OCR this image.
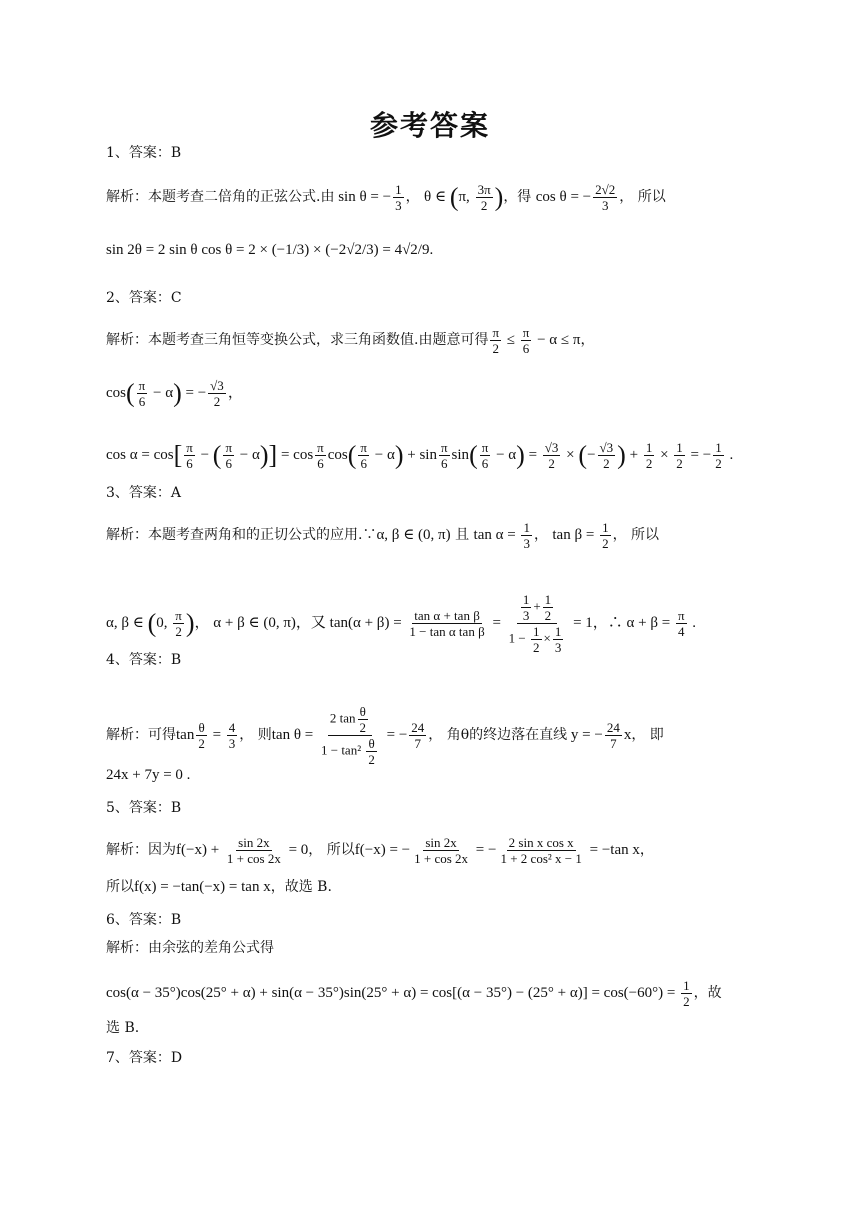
参考答案
1、答案：B
解析：本题考查二倍角的正弦公式.由 sin θ = − $\frac{1}{3}$ ， θ ∈ (π, $\frac{3\pi}{2}$ )，得 cos θ = − $\frac{2√2}{3}$ ， 所以
sin 2θ = 2 sin θ cos θ = 2 × (−1/3) × (−2√2/3) = 4√2/9.
2、答案：C
解析：本题考查三角恒等变换公式，求三角函数值.由题意可得 $\frac{\pi}{2} \le \frac{\pi}{6} - \alpha \le \pi$，
$\cos( \frac{\pi}{6} - \alpha)$ = − $\frac{√3}{2}$ ，
$\cos \alpha = \cos[ \frac{\pi}{6}$ − ( $\frac{\pi}{6} - \alpha)] = \cos \frac{\pi}{6} \cos( \frac{\pi}{6} - \alpha) + \sin \frac{\pi}{6} \sin( \frac{\pi}{6} - \alpha) = \frac{√3}{2}$ × (− $\frac{√3}{2}$ ) + $\frac{1}{2} \times \frac{1}{2}$ = − $\frac{1}{2}$ .
3、答案：A
解析：本题考查两角和的正切公式的应用.∵α, β ∈ (0, π) 且 $\tan \alpha = \frac{1}{3}$ ， $\tan \beta = \frac{1}{2}$ ， 所以
α, β ∈ (0, $\frac{\pi}{2}$ )， α + β ∈ (0, π)，又 $\tan(\alpha + \beta) = \frac{\text{tan α + tan β}}{\text{1 − tan α tan β}} = \frac{\frac{1}{3} + \frac{1}{2}}{1 - \frac{1}{2} \times \frac{1}{3}} = 1$，∴ $\alpha + \beta = \frac{\pi}{4}$ .
4、答案：B
解析：可得$\tan \frac{\theta}{2} = \frac{4}{3}$ ， 则$\tan \theta = \frac{2 \tan \frac{\theta}{2}}{1 - \tan^2 \frac{\theta}{2}}$ = − $\frac{24}{7}$ ， 角θ的终边落在直线 y = − $\frac{24}{7}$ x， 即
24x + 7y = 0 .
5、答案：B
解析：因为$f(-x) + \frac{\sin 2x}{1 + \cos 2x} = 0$， 所以f(−x) = − $\frac{\sin 2x}{1 + \cos 2x}$ = − $\frac{\text{2 sin x cos x}}{\text{1 + 2 cos² x − 1}} = -\tan$ x，
所以f(x) = −tan(−x) = tan x，故选 B.
6、答案：B
解析：由余弦的差角公式得
$\cos(\alpha - 35^\circ)\cos(25^\circ + \alpha) + \sin(\alpha - 35^\circ)\sin(25^\circ + \alpha) = \cos[(\alpha - 35^\circ) - (25^\circ + \alpha)] = \cos(-60^\circ) = \frac{1}{2}$ ，故
选 B.
7、答案：D
